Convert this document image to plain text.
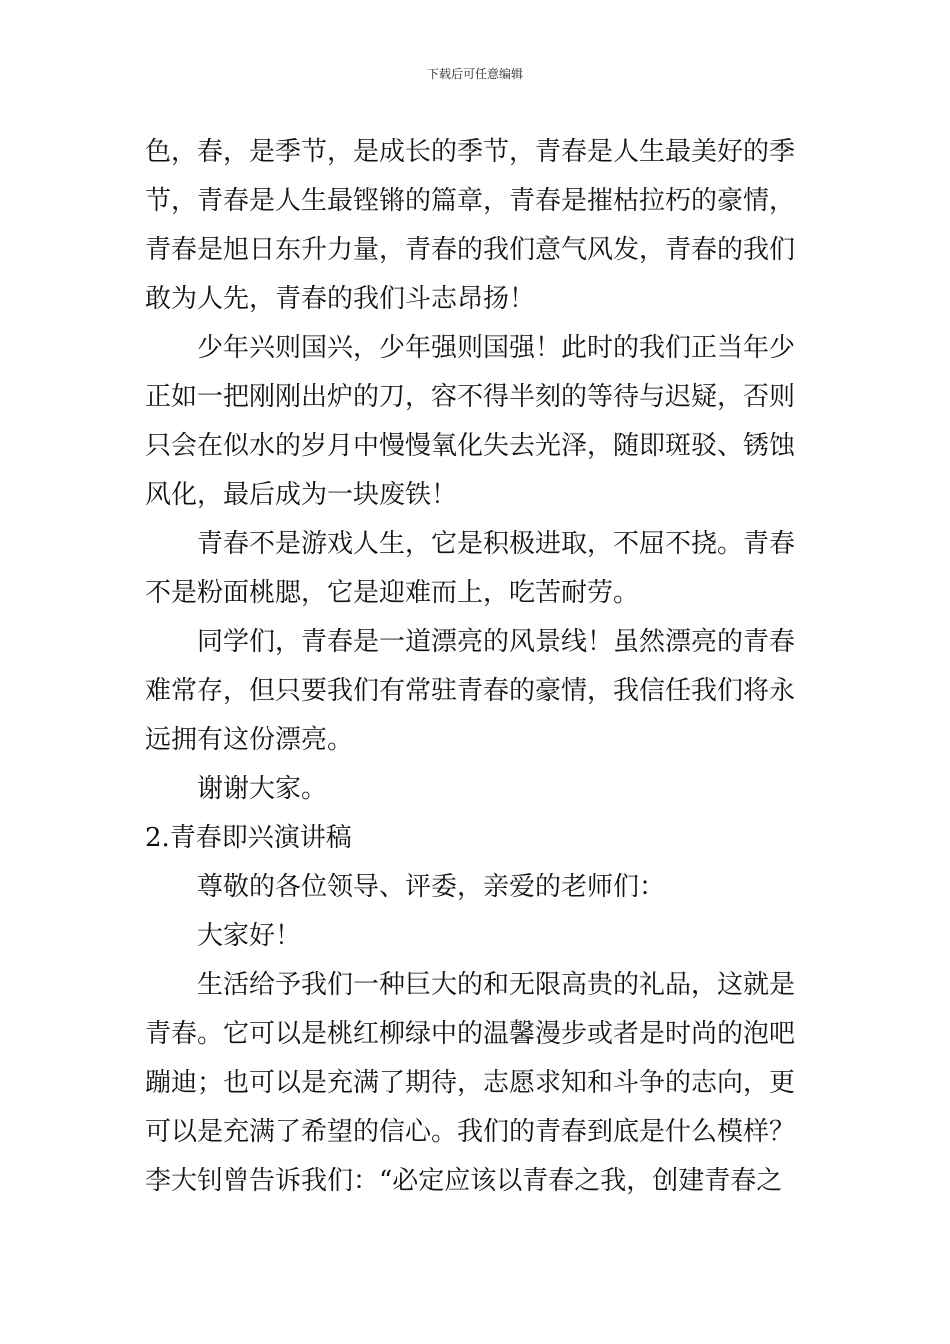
下载后可任意编辑
色，春，是季节，是成长的季节，青春是人生最美好的季
节，青春是人生最铿锵的篇章，青春是摧枯拉朽的豪情，
青春是旭日东升力量，青春的我们意气风发，青春的我们
敢为人先，青春的我们斗志昂扬！
少年兴则国兴，少年强则国强！此时的我们正当年少
正如一把刚刚出炉的刀，容不得半刻的等待与迟疑，否则
只会在似水的岁月中慢慢氧化失去光泽，随即斑驳、锈蚀
风化，最后成为一块废铁！
青春不是游戏人生，它是积极进取，不屈不挠。青春
不是粉面桃腮，它是迎难而上，吃苦耐劳。
同学们，青春是一道漂亮的风景线！虽然漂亮的青春
难常存，但只要我们有常驻青春的豪情，我信任我们将永
远拥有这份漂亮。
谢谢大家。
2.青春即兴演讲稿
尊敬的各位领导、评委，亲爱的老师们：
大家好！
生活给予我们一种巨大的和无限高贵的礼品，这就是
青春。它可以是桃红柳绿中的温馨漫步或者是时尚的泡吧
蹦迪；也可以是充满了期待，志愿求知和斗争的志向，更
可以是充满了希望的信心。我们的青春到底是什么模样？
李大钊曾告诉我们：“必定应该以青春之我，创建青春之
